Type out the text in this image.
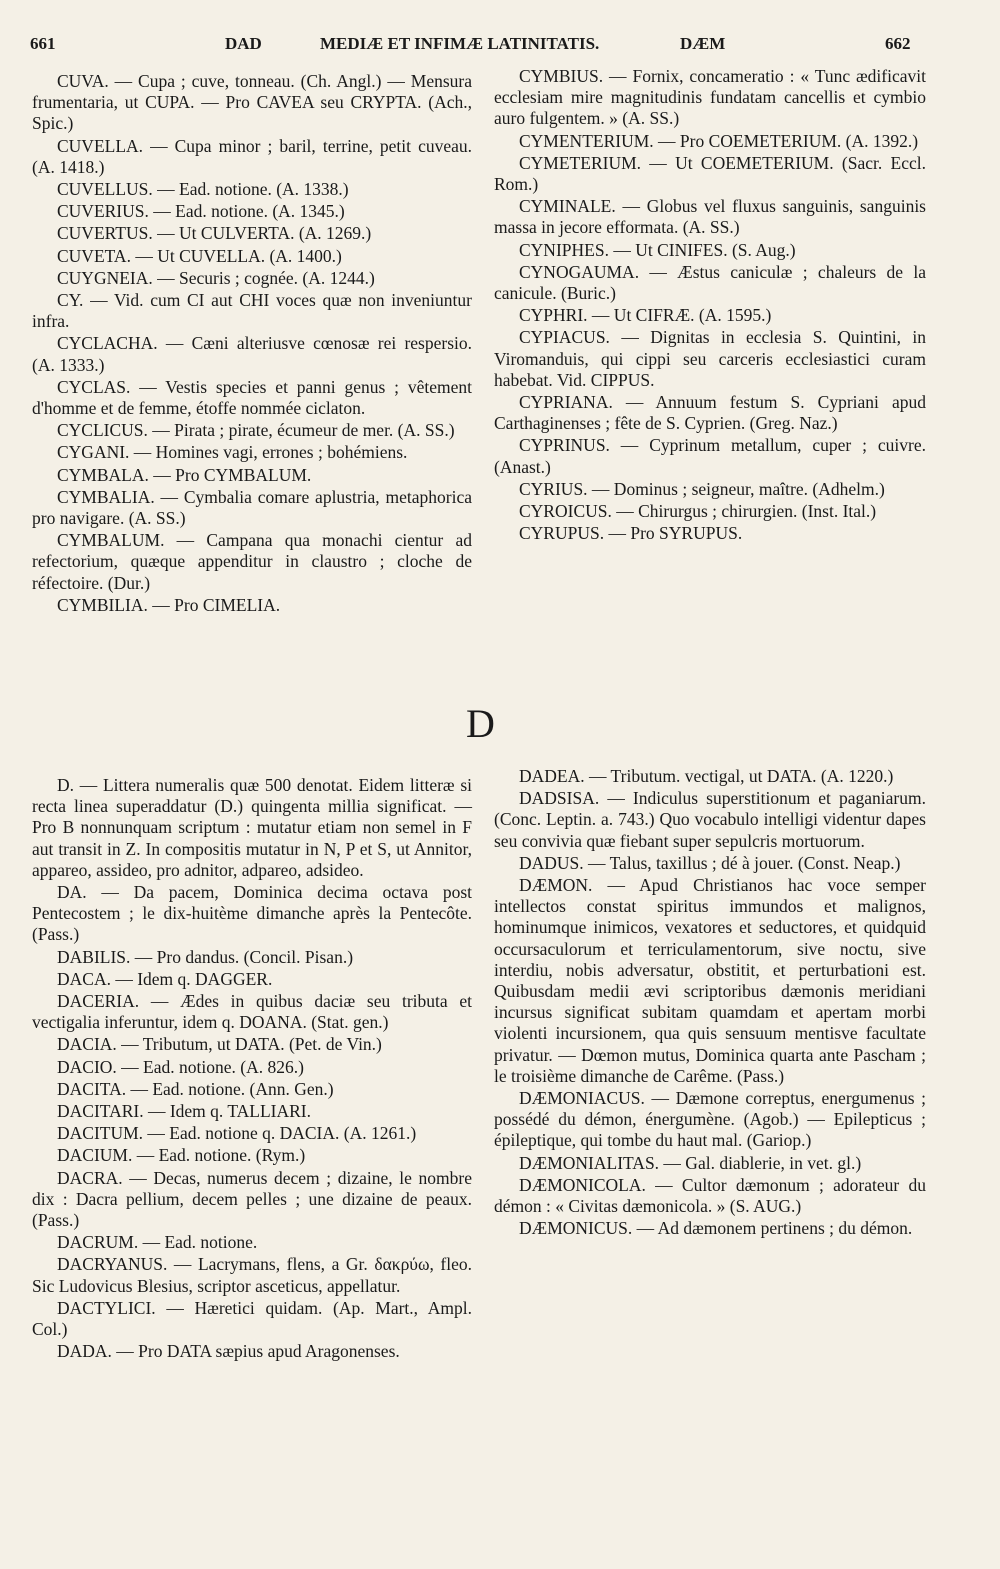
661	DAD	MEDIÆ ET INFIMÆ LATINITATIS.	DÆM	662

CUVA. — Cupa ; cuve, tonneau. (Ch. Angl.) — Mensura frumentaria, ut CUPA. — Pro CAVEA seu CRYPTA. (Ach., Spic.)

CUVELLA. — Cupa minor ; baril, terrine, petit cuveau. (A. 1418.)

CUVELLUS. — Ead. notione. (A. 1338.)

CUVERIUS. — Ead. notione. (A. 1345.)

CUVERTUS. — Ut CULVERTA. (A. 1269.)

CUVETA. — Ut CUVELLA. (A. 1400.)

CUYGNEIA. — Securis ; cognée. (A. 1244.)

CY. — Vid. cum CI aut CHI voces quæ non inveniuntur infra.

CYCLACHA. — Cæni alteriusve cœnosæ rei respersio. (A. 1333.)

CYCLAS. — Vestis species et panni genus ; vêtement d'homme et de femme, étoffe nommée ciclaton.

CYCLICUS. — Pirata ; pirate, écumeur de mer. (A. SS.)

CYGANI. — Homines vagi, errones ; bohémiens.

CYMBALA. — Pro CYMBALUM.

CYMBALIA. — Cymbalia comare aplustria, metaphorica pro navigare. (A. SS.)

CYMBALUM. — Campana qua monachi cientur ad refectorium, quæque appenditur in claustro ; cloche de réfectoire. (Dur.)

CYMBILIA. — Pro CIMELIA.

CYMBIUS. — Fornix, concameratio : « Tunc ædificavit ecclesiam mire magnitudinis fundatam cancellis et cymbio auro fulgentem. » (A. SS.)

CYMENTERIUM. — Pro COEMETERIUM. (A. 1392.)

CYMETERIUM. — Ut COEMETERIUM. (Sacr. Eccl. Rom.)

CYMINALE. — Globus vel fluxus sanguinis, sanguinis massa in jecore efformata. (A. SS.)

CYNIPHES. — Ut CINIFES. (S. Aug.)

CYNOGAUMA. — Æstus caniculæ ; chaleurs de la canicule. (Buric.)

CYPHRI. — Ut CIFRÆ. (A. 1595.)

CYPIACUS. — Dignitas in ecclesia S. Quintini, in Viromanduis, qui cippi seu carceris ecclesiastici curam habebat. Vid. CIPPUS.

CYPRIANA. — Annuum festum S. Cypriani apud Carthaginenses ; fête de S. Cyprien. (Greg. Naz.)

CYPRINUS. — Cyprinum metallum, cuper ; cuivre. (Anast.)

CYRIUS. — Dominus ; seigneur, maître. (Adhelm.)

CYROICUS. — Chirurgus ; chirurgien. (Inst. Ital.)

CYRUPUS. — Pro SYRUPUS.

D

D. — Littera numeralis quæ 500 denotat. Eidem litteræ si recta linea superaddatur (D.) quingenta millia significat. — Pro B nonnunquam scriptum : mutatur etiam non semel in F aut transit in Z. In compositis mutatur in N, P et S, ut Annitor, appareo, assideo, pro adnitor, adpareo, adsideo.

DA. — Da pacem, Dominica decima octava post Pentecostem ; le dix-huitème dimanche après la Pentecôte. (Pass.)

DABILIS. — Pro dandus. (Concil. Pisan.)

DACA. — Idem q. DAGGER.

DACERIA. — Ædes in quibus daciæ seu tributa et vectigalia inferuntur, idem q. DOANA. (Stat. gen.)

DACIA. — Tributum, ut DATA. (Pet. de Vin.)

DACIO. — Ead. notione. (A. 826.)

DACITA. — Ead. notione. (Ann. Gen.)

DACITARI. — Idem q. TALLIARI.

DACITUM. — Ead. notione q. DACIA. (A. 1261.)

DACIUM. — Ead. notione. (Rym.)

DACRA. — Decas, numerus decem ; dizaine, le nombre dix : Dacra pellium, decem pelles ; une dizaine de peaux. (Pass.)

DACRUM. — Ead. notione.

DACRYANUS. — Lacrymans, flens, a Gr. δακρύω, fleo. Sic Ludovicus Blesius, scriptor asceticus, appellatur.

DACTYLICI. — Hæretici quidam. (Ap. Mart., Ampl. Col.)

DADA. — Pro DATA sæpius apud Aragonenses.

DADEA. — Tributum. vectigal, ut DATA. (A. 1220.)

DADSISA. — Indiculus superstitionum et paganiarum. (Conc. Leptin. a. 743.) Quo vocabulo intelligi videntur dapes seu convivia quæ fiebant super sepulcris mortuorum.

DADUS. — Talus, taxillus ; dé à jouer. (Const. Neap.)

DÆMON. — Apud Christianos hac voce semper intellectos constat spiritus immundos et malignos, hominumque inimicos, vexatores et seductores, et quidquid occursaculorum et terriculamentorum, sive noctu, sive interdiu, nobis adversatur, obstitit, et perturbationi est. Quibusdam medii ævi scriptoribus dæmonis meridiani incursus significat subitam quamdam et apertam morbi violenti incursionem, qua quis sensuum mentisve facultate privatur. — Dœmon mutus, Dominica quarta ante Pascham ; le troisième dimanche de Carême. (Pass.)

DÆMONIACUS. — Dæmone correptus, energumenus ; possédé du démon, énergumène. (Agob.) — Epilepticus ; épileptique, qui tombe du haut mal. (Gariop.)

DÆMONIALITAS. — Gal. diablerie, in vet. gl.)

DÆMONICOLA. — Cultor dæmonum ; adorateur du démon : « Civitas dæmonicola. » (S. AUG.)

DÆMONICUS. — Ad dæmonem pertinens ; du démon.
